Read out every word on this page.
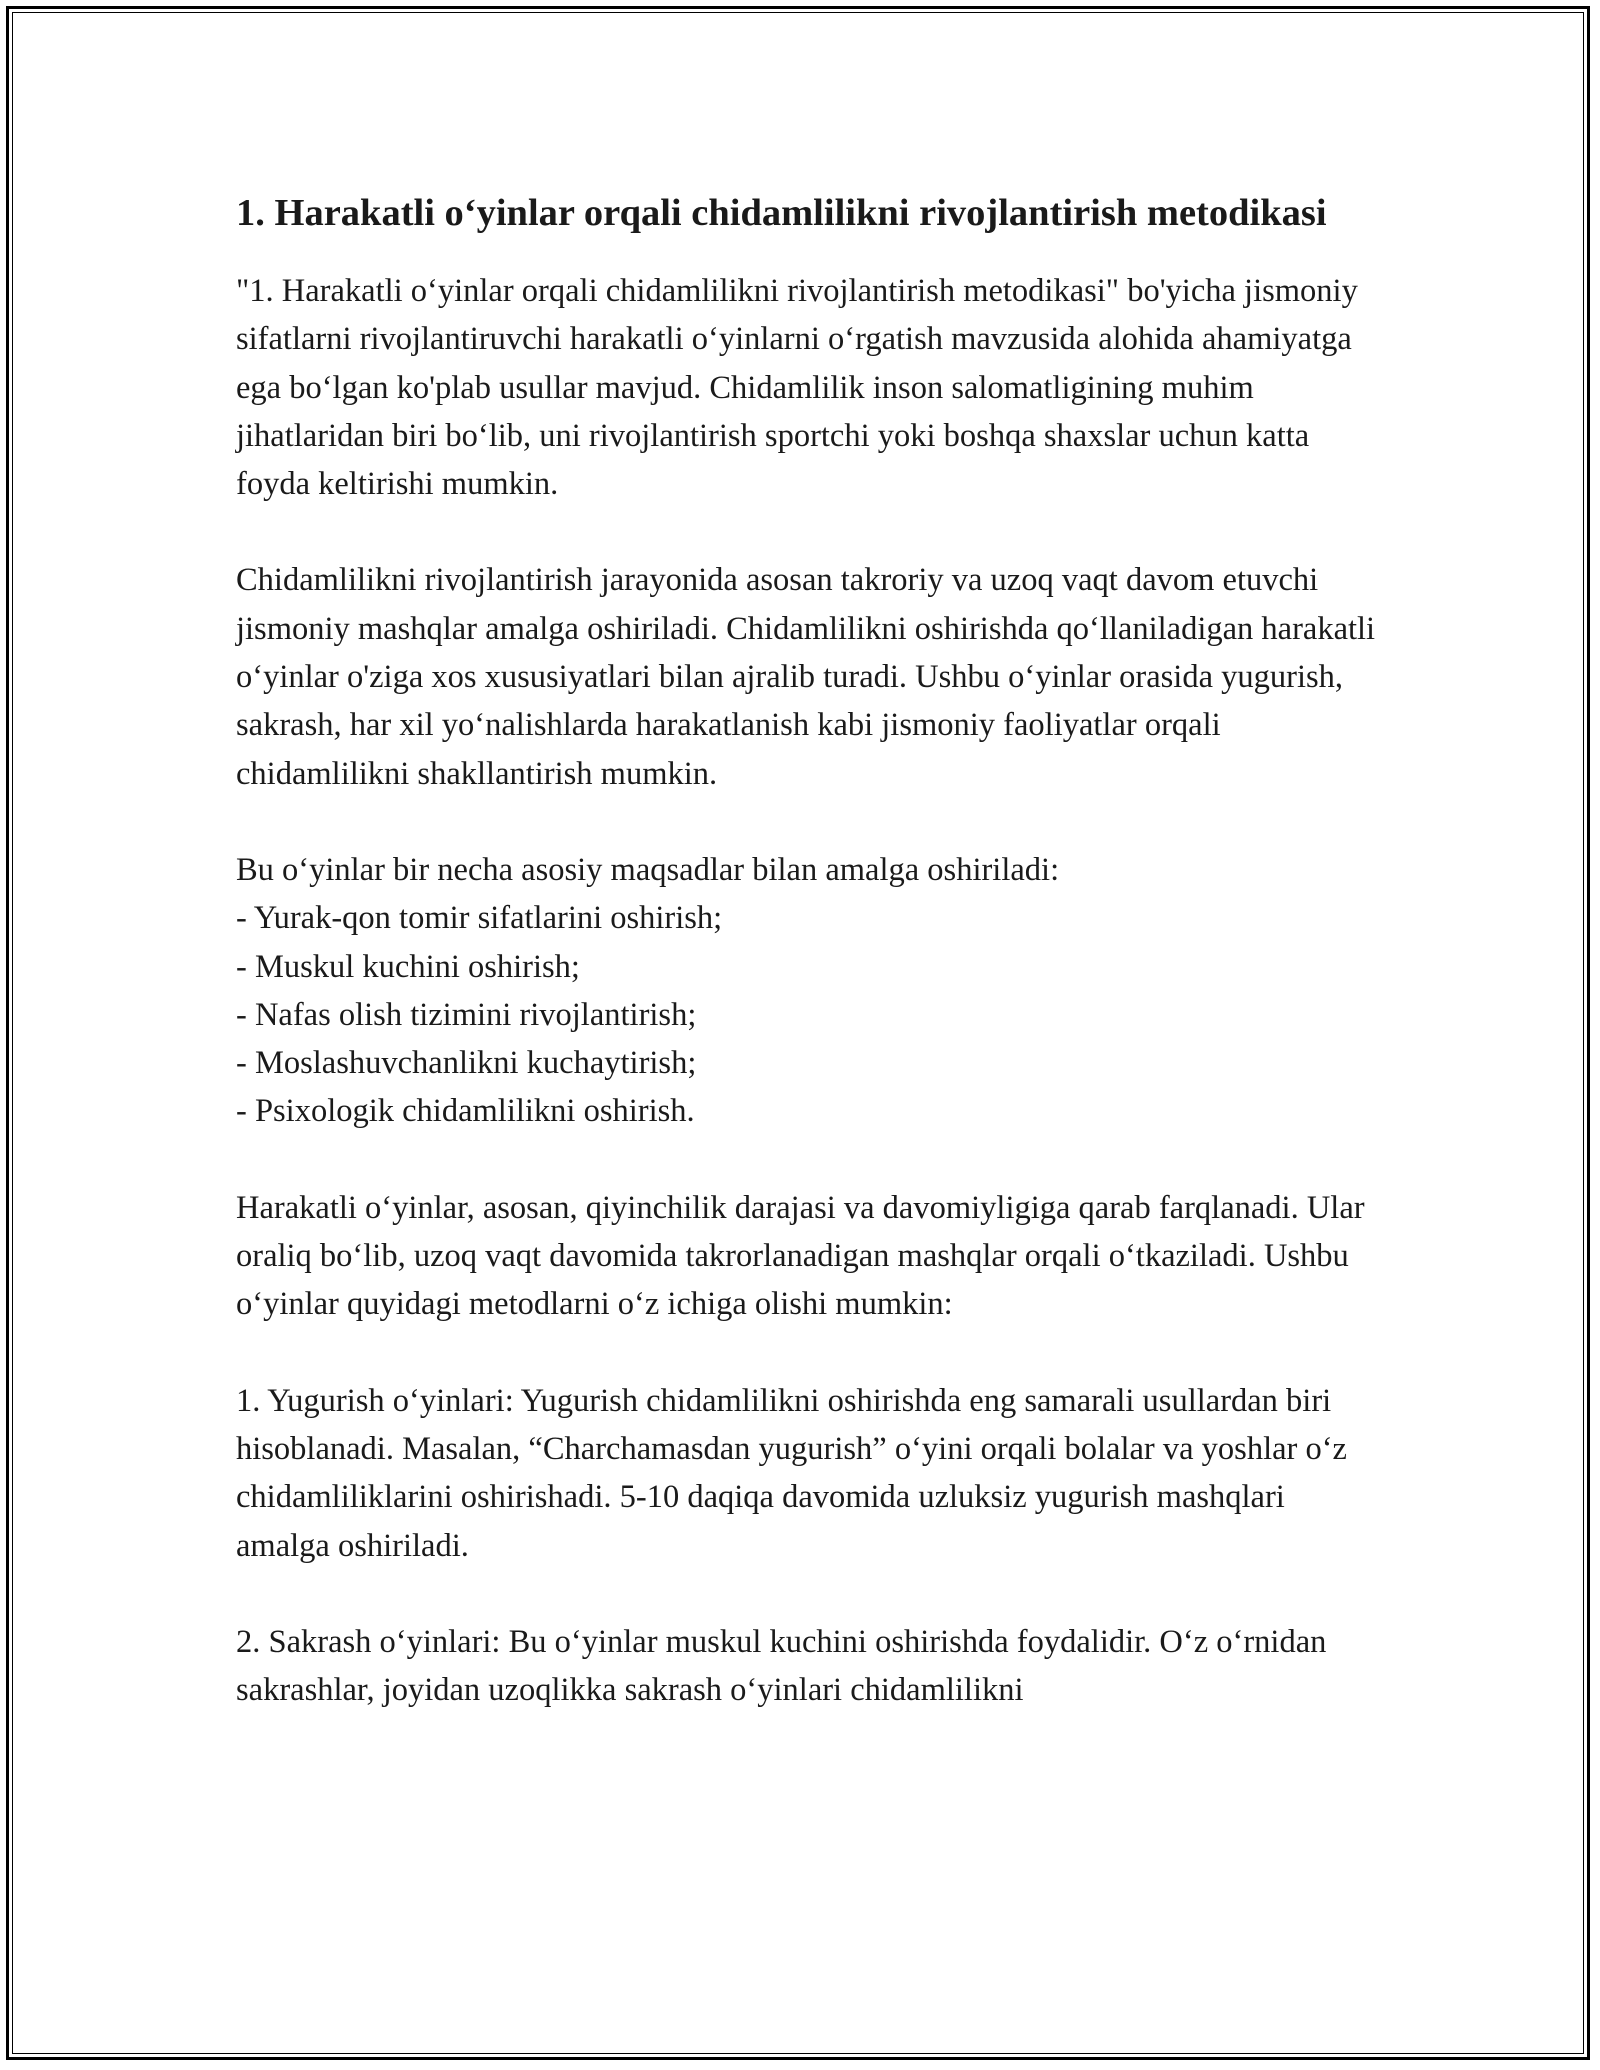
1. Harakatli o‘yinlar orqali chidamlilikni rivojlantirish metodikasi

"1. Harakatli o‘yinlar orqali chidamlilikni rivojlantirish metodikasi" bo'yicha jismoniy sifatlarni rivojlantiruvchi harakatli o‘yinlarni o‘rgatish mavzusida alohida ahamiyatga ega bo‘lgan ko'plab usullar mavjud. Chidamlilik inson salomatligining muhim jihatlaridan biri bo‘lib, uni rivojlantirish sportchi yoki boshqa shaxslar uchun katta foyda keltirishi mumkin.

Chidamlilikni rivojlantirish jarayonida asosan takroriy va uzoq vaqt davom etuvchi jismoniy mashqlar amalga oshiriladi. Chidamlilikni oshirishda qo‘llaniladigan harakatli o‘yinlar o'ziga xos xususiyatlari bilan ajralib turadi. Ushbu o‘yinlar orasida yugurish, sakrash, har xil yo‘nalishlarda harakatlanish kabi jismoniy faoliyatlar orqali chidamlilikni shakllantirish mumkin.

Bu o‘yinlar bir necha asosiy maqsadlar bilan amalga oshiriladi:
- Yurak-qon tomir sifatlarini oshirish;
- Muskul kuchini oshirish;
- Nafas olish tizimini rivojlantirish;
- Moslashuvchanlikni kuchaytirish;
- Psixologik chidamlilikni oshirish.

Harakatli o‘yinlar, asosan, qiyinchilik darajasi va davomiyligiga qarab farqlanadi. Ular oraliq bo‘lib, uzoq vaqt davomida takrorlanadigan mashqlar orqali o‘tkaziladi. Ushbu o‘yinlar quyidagi metodlarni o‘z ichiga olishi mumkin:

1. Yugurish o‘yinlari: Yugurish chidamlilikni oshirishda eng samarali usullardan biri hisoblanadi. Masalan, “Charchamasdan yugurish” o‘yini orqali bolalar va yoshlar o‘z chidamliliklarini oshirishadi. 5-10 daqiqa davomida uzluksiz yugurish mashqlari amalga oshiriladi.

2. Sakrash o‘yinlari: Bu o‘yinlar muskul kuchini oshirishda foydalidir. O‘z o‘rnidan sakrashlar, joyidan uzoqlikka sakrash o‘yinlari chidamlilikni
